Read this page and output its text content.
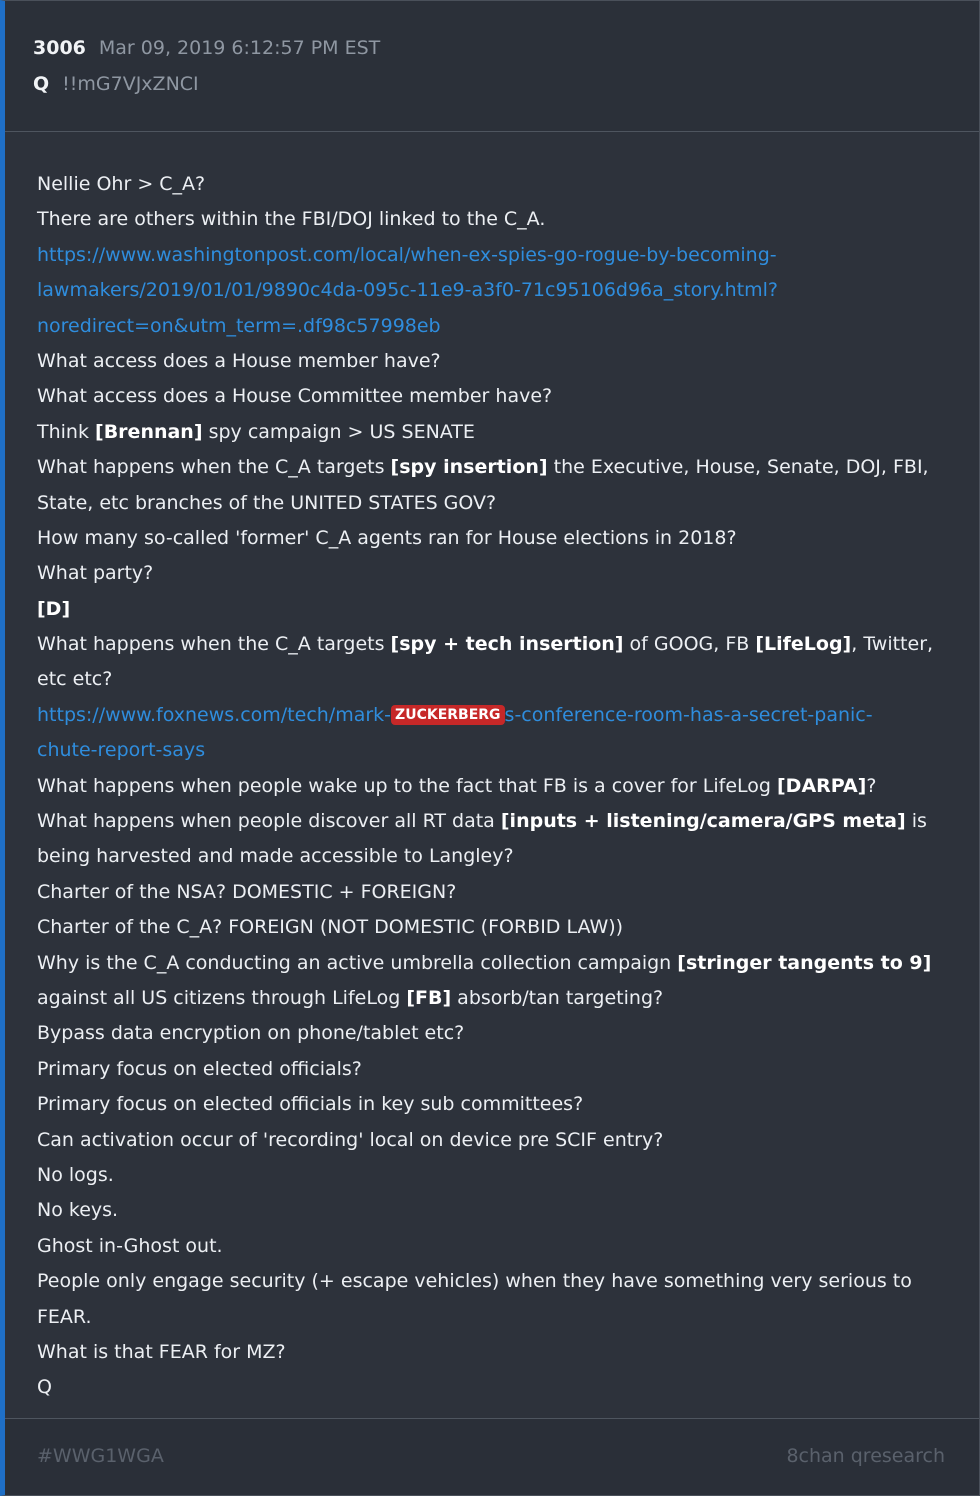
3006 Mar 09, 2019 6:12:57 PM EST
Q !!mG7VJxZNCI
Nellie Ohr > C_A?
There are others within the FBI/DOJ linked to the C_A.
https://www.washingtonpost.com/local/when-ex-spies-go-rogue-by-becoming-
lawmakers/2019/01/01/9890c4da-095c-11e9-a3f0-71c95106d96a_story.html?
noredirect=on&utm_term=.df98c57998eb
What access does a House member have?
What access does a House Committee member have?
Think [Brennan] spy campaign > US SENATE
What happens when the C_A targets [spy insertion] the Executive, House, Senate, DOJ, FBI,
State, etc branches of the UNITED STATES GOV?
How many so-called 'former' C_A agents ran for House elections in 2018?
What party?
[D]
What happens when the C_A targets [spy + tech insertion] of GOOG, FB [LifeLog], Twitter,
etc etc?
https://www.foxnews.com/tech/mark- ZUCKERBERG s-conference-room-has-a-secret-panic-
chute-report-says
What happens when people wake up to the fact that FB is a cover for LifeLog [DARPA]?
What happens when people discover all RT data [inputs + listening/camera/GPS meta] is
being harvested and made accessible to Langley?
Charter of the NSA? DOMESTIC + FOREIGN?
Charter of the C_A? FOREIGN (NOT DOMESTIC (FORBID LAW))
Why is the C_A conducting an active umbrella collection campaign [stringer tangents to 9]
against all US citizens through LifeLog [FB] absorb/tan targeting?
Bypass data encryption on phone/tablet etc?
Primary focus on elected officials?
Primary focus on elected officials in key sub committees?
Can activation occur of 'recording' local on device pre SCIF entry?
No logs.
No keys.
Ghost in-Ghost out.
People only engage security (+ escape vehicles) when they have something very serious to
FEAR.
What is that FEAR for MZ?
Q
#WWG1WGA	8chan qresearch
